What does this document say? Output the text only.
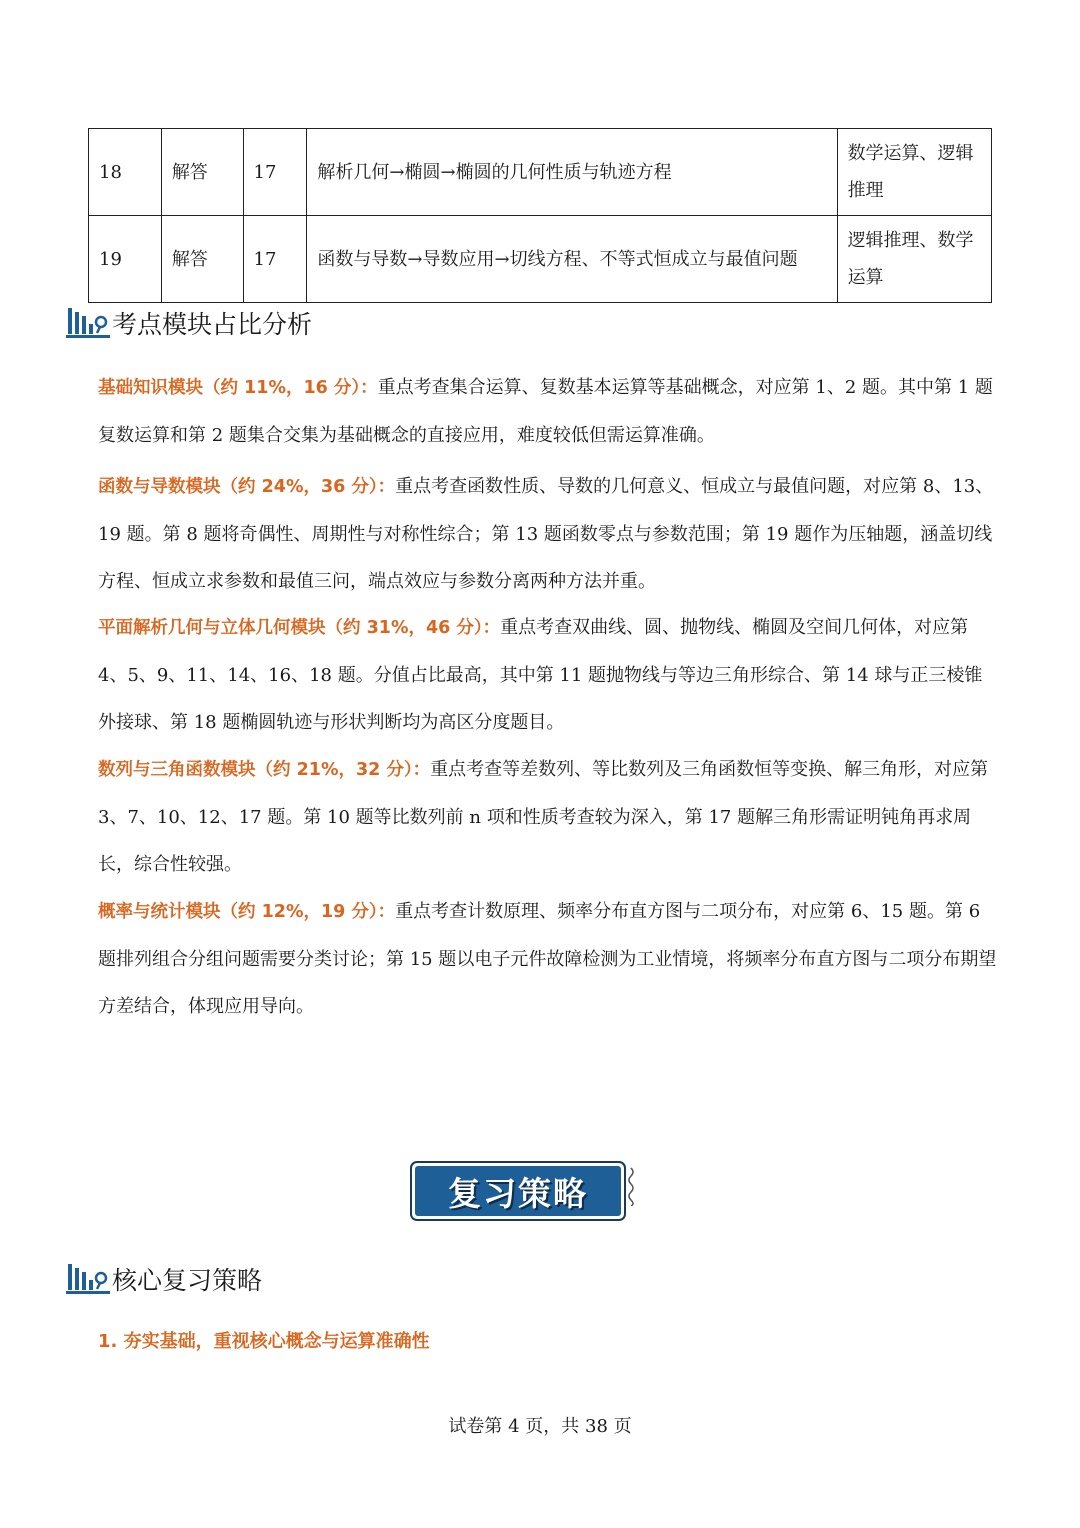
18	解答	17	解析几何→椭圆→椭圆的几何性质与轨迹方程	数学运算、逻辑推理
19	解答	17	函数与导数→导数应用→切线方程、不等式恒成立与最值问题	逻辑推理、数学运算
考点模块占比分析

基础知识模块（约 11%，16 分）：重点考查集合运算、复数基本运算等基础概念，对应第 1、2 题。其中第 1 题复数运算和第 2 题集合交集为基础概念的直接应用，难度较低但需运算准确。

函数与导数模块（约 24%，36 分）：重点考查函数性质、导数的几何意义、恒成立与最值问题，对应第 8、13、19 题。第 8 题将奇偶性、周期性与对称性综合；第 13 题函数零点与参数范围；第 19 题作为压轴题，涵盖切线方程、恒成立求参数和最值三问，端点效应与参数分离两种方法并重。

平面解析几何与立体几何模块（约 31%，46 分）：重点考查双曲线、圆、抛物线、椭圆及空间几何体，对应第 4、5、9、11、14、16、18 题。分值占比最高，其中第 11 题抛物线与等边三角形综合、第 14 球与正三棱锥外接球、第 18 题椭圆轨迹与形状判断均为高区分度题目。

数列与三角函数模块（约 21%，32 分）：重点考查等差数列、等比数列及三角函数恒等变换、解三角形，对应第 3、7、10、12、17 题。第 10 题等比数列前 n 项和性质考查较为深入，第 17 题解三角形需证明钝角再求周长，综合性较强。

概率与统计模块（约 12%，19 分）：重点考查计数原理、频率分布直方图与二项分布，对应第 6、15 题。第 6 题排列组合分组问题需要分类讨论；第 15 题以电子元件故障检测为工业情境，将频率分布直方图与二项分布期望方差结合，体现应用导向。

复习策略
核心复习策略
1. 夯实基础，重视核心概念与运算准确性
试卷第 4 页，共 38 页
